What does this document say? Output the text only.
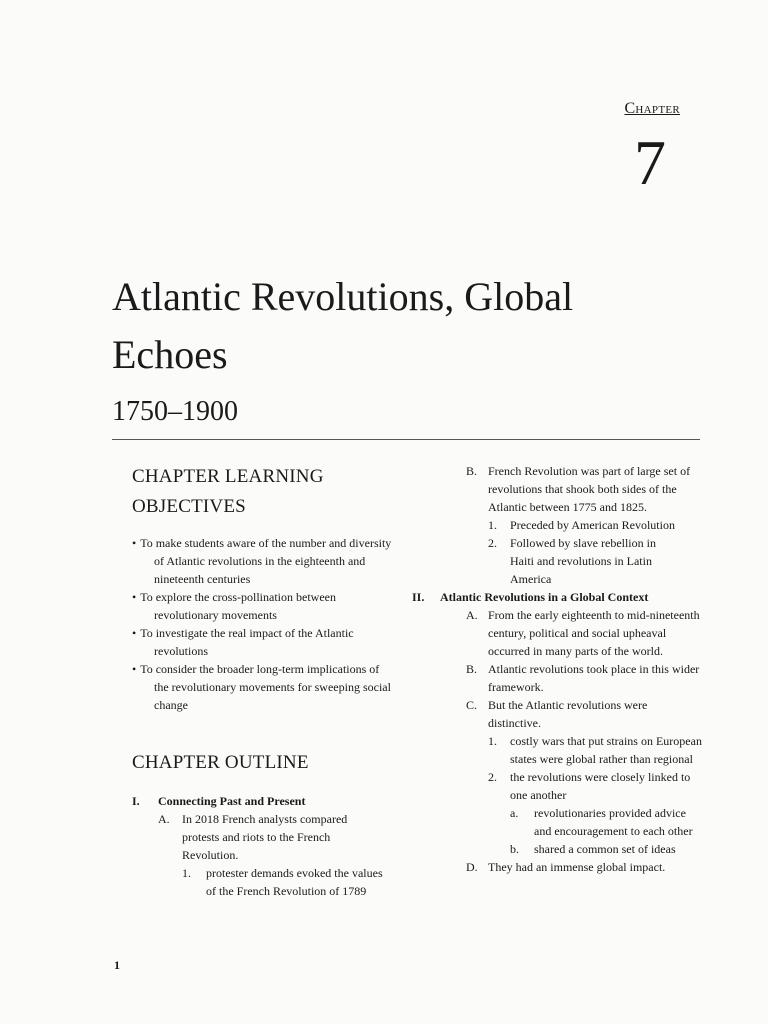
Chapter
7
Atlantic Revolutions, Global
Echoes
1750–1900
CHAPTER LEARNING
OBJECTIVES
• To make students aware of the number and diversity of Atlantic revolutions in the eighteenth and nineteenth centuries
• To explore the cross-pollination between revolutionary movements
• To investigate the real impact of the Atlantic revolutions
• To consider the broader long-term implications of the revolutionary movements for sweeping social change
CHAPTER OUTLINE
I.	Connecting Past and Present
A.	In 2018 French analysts compared protests and riots to the French Revolution.
1.	protester demands evoked the values of the French Revolution of 1789
B. French Revolution was part of large set of revolutions that shook both sides of the Atlantic between 1775 and 1825.
1.	Preceded by American Revolution
2.	Followed by slave rebellion in Haiti and revolutions in Latin America
II.	Atlantic Revolutions in a Global Context
A. From the early eighteenth to mid-nineteenth century, political and social upheaval occurred in many parts of the world.
B. Atlantic revolutions took place in this wider framework.
C. But the Atlantic revolutions were distinctive.
1.	costly wars that put strains on European states were global rather than regional
2.	the revolutions were closely linked to one another
a.	revolutionaries provided advice and encouragement to each other
b.	shared a common set of ideas
D. They had an immense global impact.
1
